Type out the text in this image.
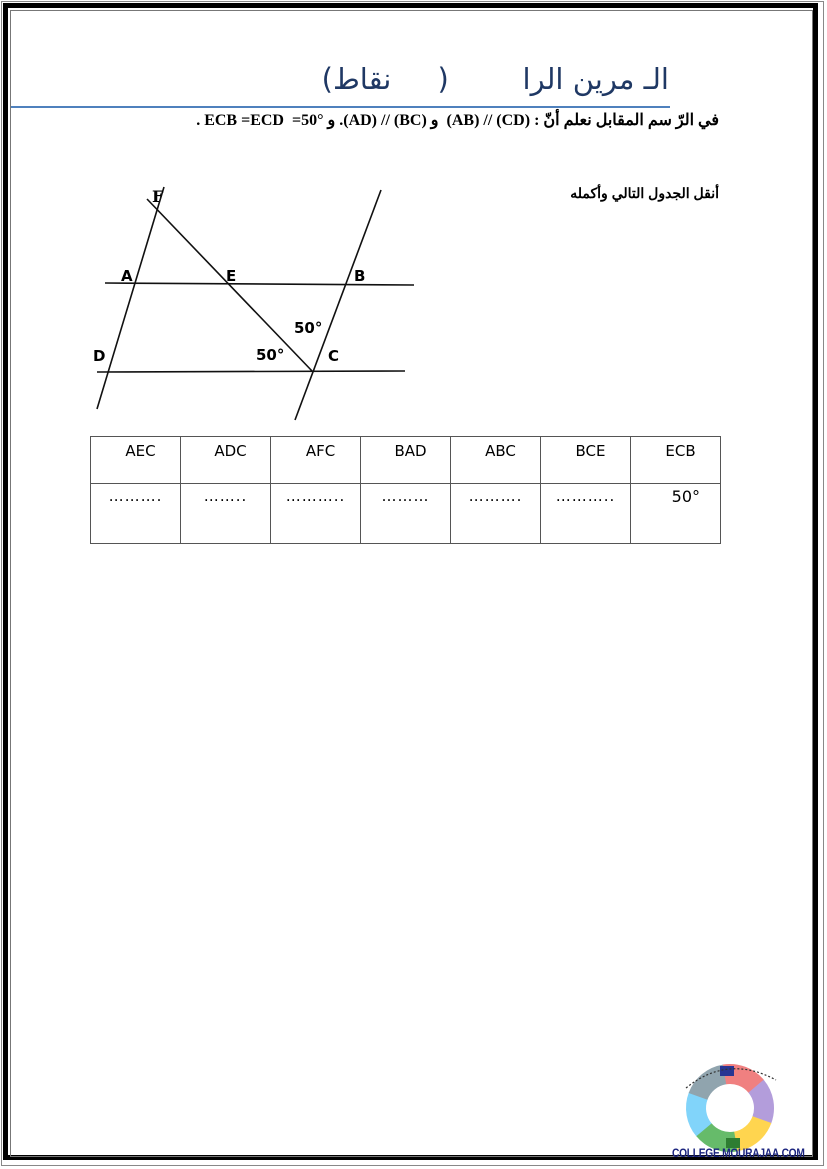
الـ مرين الرا        (     نقاط)
في الرّ سم المقابل نعلم أنّ : (CD) // (AB)  و (BC) // (AD). و °50=  ECB =ECD .
أنقل الجدول التالي وأكمله
F
A	E	B
D	C
50°
50°
AEC	ADC	AFC	BAD	ABC	BCE	ECB
……….	……..	………..	………	……….	………..	50°
COLLEGE.MOURAJAA.COM
